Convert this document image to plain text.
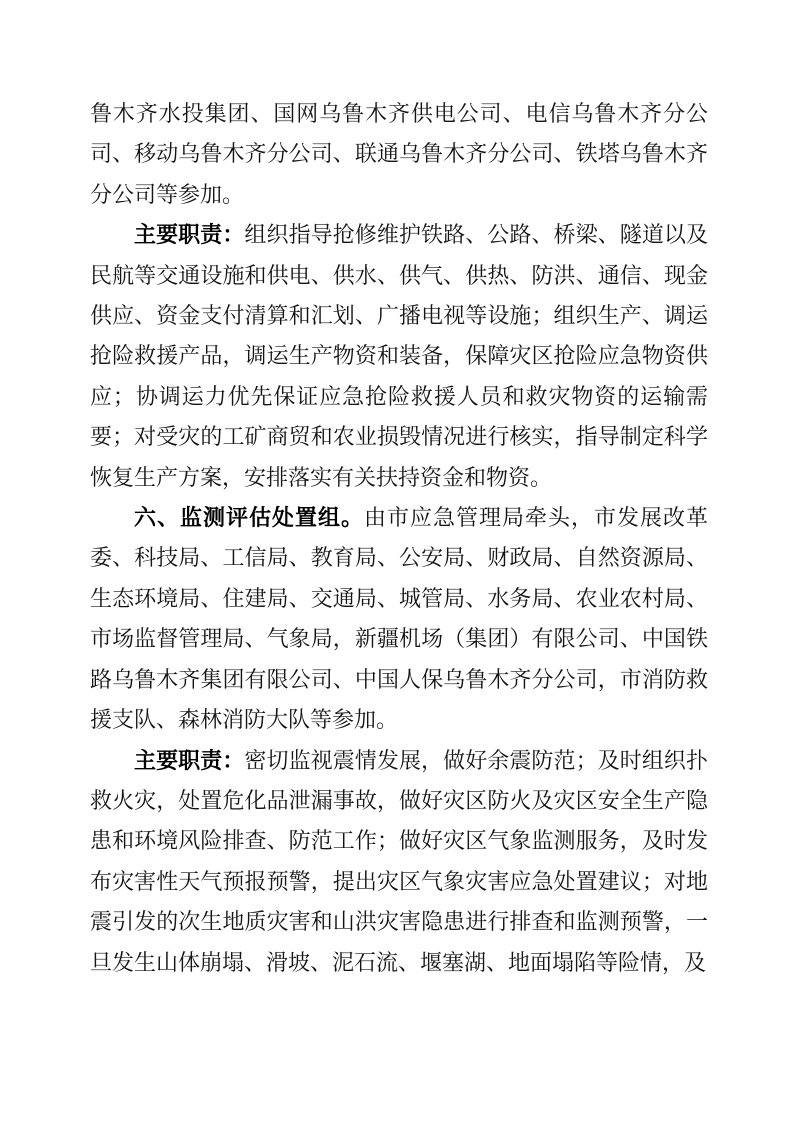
鲁木齐水投集团、国网乌鲁木齐供电公司、电信乌鲁木齐分公司、移动乌鲁木齐分公司、联通乌鲁木齐分公司、铁塔乌鲁木齐分公司等参加。

主要职责：组织指导抢修维护铁路、公路、桥梁、隧道以及民航等交通设施和供电、供水、供气、供热、防洪、通信、现金供应、资金支付清算和汇划、广播电视等设施；组织生产、调运抢险救援产品，调运生产物资和装备，保障灾区抢险应急物资供应；协调运力优先保证应急抢险救援人员和救灾物资的运输需要；对受灾的工矿商贸和农业损毁情况进行核实，指导制定科学恢复生产方案，安排落实有关扶持资金和物资。

六、监测评估处置组。由市应急管理局牵头，市发展改革委、科技局、工信局、教育局、公安局、财政局、自然资源局、生态环境局、住建局、交通局、城管局、水务局、农业农村局、市场监督管理局、气象局，新疆机场（集团）有限公司、中国铁路乌鲁木齐集团有限公司、中国人保乌鲁木齐分公司，市消防救援支队、森林消防大队等参加。

主要职责：密切监视震情发展，做好余震防范；及时组织扑救火灾，处置危化品泄漏事故，做好灾区防火及灾区安全生产隐患和环境风险排查、防范工作；做好灾区气象监测服务，及时发布灾害性天气预报预警，提出灾区气象灾害应急处置建议；对地震引发的次生地质灾害和山洪灾害隐患进行排查和监测预警，一旦发生山体崩塌、滑坡、泥石流、堰塞湖、地面塌陷等险情，及
